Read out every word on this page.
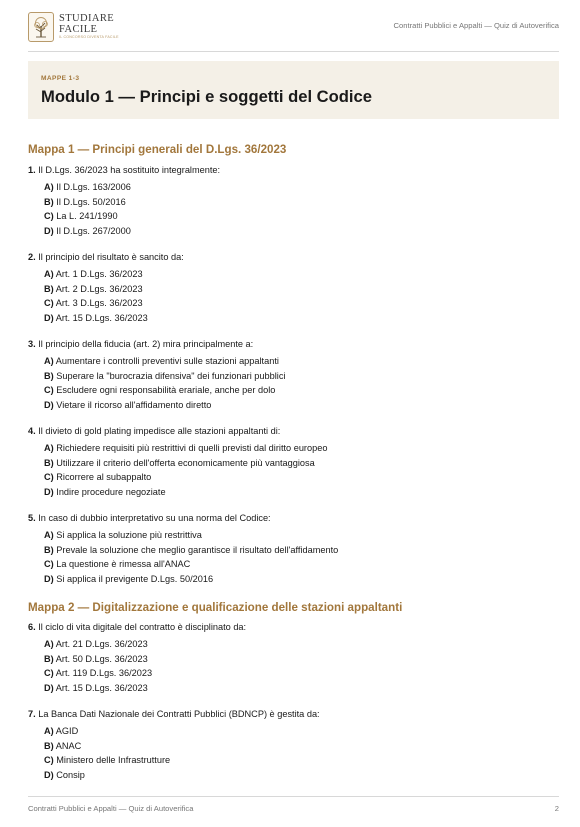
STUDIARE
FACILE
IL CONCORSO DIVENTA FACILE
Contratti Pubblici e Appalti — Quiz di Autoverifica
MAPPE 1-3
Modulo 1 — Principi e soggetti del Codice
Mappa 1 — Principi generali del D.Lgs. 36/2023
1. Il D.Lgs. 36/2023 ha sostituito integralmente:
A) Il D.Lgs. 163/2006
B) Il D.Lgs. 50/2016
C) La L. 241/1990
D) Il D.Lgs. 267/2000
2. Il principio del risultato è sancito da:
A) Art. 1 D.Lgs. 36/2023
B) Art. 2 D.Lgs. 36/2023
C) Art. 3 D.Lgs. 36/2023
D) Art. 15 D.Lgs. 36/2023
3. Il principio della fiducia (art. 2) mira principalmente a:
A) Aumentare i controlli preventivi sulle stazioni appaltanti
B) Superare la "burocrazia difensiva" dei funzionari pubblici
C) Escludere ogni responsabilità erariale, anche per dolo
D) Vietare il ricorso all'affidamento diretto
4. Il divieto di gold plating impedisce alle stazioni appaltanti di:
A) Richiedere requisiti più restrittivi di quelli previsti dal diritto europeo
B) Utilizzare il criterio dell'offerta economicamente più vantaggiosa
C) Ricorrere al subappalto
D) Indire procedure negoziate
5. In caso di dubbio interpretativo su una norma del Codice:
A) Si applica la soluzione più restrittiva
B) Prevale la soluzione che meglio garantisce il risultato dell'affidamento
C) La questione è rimessa all'ANAC
D) Si applica il previgente D.Lgs. 50/2016
Mappa 2 — Digitalizzazione e qualificazione delle stazioni appaltanti
6. Il ciclo di vita digitale del contratto è disciplinato da:
A) Art. 21 D.Lgs. 36/2023
B) Art. 50 D.Lgs. 36/2023
C) Art. 119 D.Lgs. 36/2023
D) Art. 15 D.Lgs. 36/2023
7. La Banca Dati Nazionale dei Contratti Pubblici (BDNCP) è gestita da:
A) AGID
B) ANAC
C) Ministero delle Infrastrutture
D) Consip
Contratti Pubblici e Appalti — Quiz di Autoverifica	2
